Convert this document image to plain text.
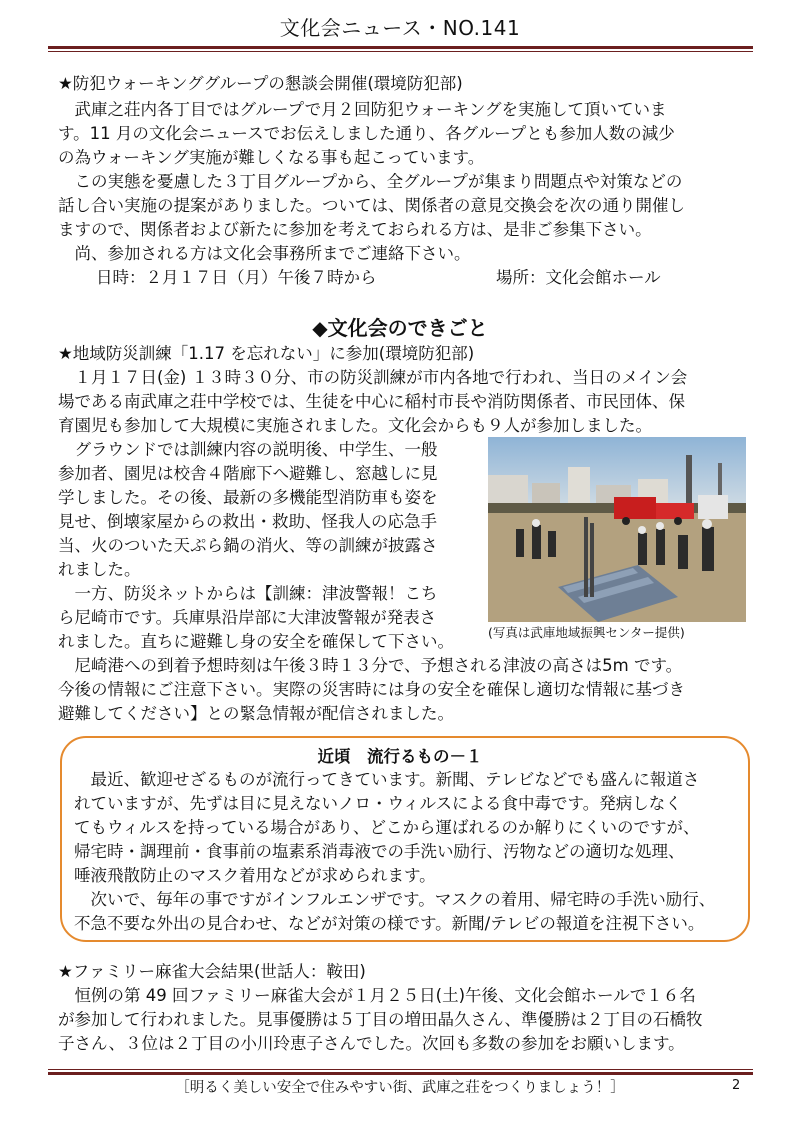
文化会ニュース・NO.141
★防犯ウォーキンググループの懇談会開催(環境防犯部)
　武庫之荘内各丁目ではグループで月２回防犯ウォーキングを実施して頂いていま
す。11 月の文化会ニュースでお伝えしました通り、各グループとも参加人数の減少
の為ウォーキング実施が難しくなる事も起こっています。
　この実態を憂慮した３丁目グループから、全グループが集まり問題点や対策などの
話し合い実施の提案がありました。ついては、関係者の意見交換会を次の通り開催し
ますので、関係者および新たに参加を考えておられる方は、是非ご参集下さい。
　尚、参加される方は文化会事務所までご連絡下さい。
日時：２月１７日（月）午後７時から	場所：文化会館ホール
◆文化会のできごと
★地域防災訓練「1.17 を忘れない」に参加(環境防犯部)
　１月１７日(金) １３時３０分、市の防災訓練が市内各地で行われ、当日のメイン会
場である南武庫之荘中学校では、生徒を中心に稲村市長や消防関係者、市民団体、保
育園児も参加して大規模に実施されました。文化会からも９人が参加しました。
　グラウンドでは訓練内容の説明後、中学生、一般
参加者、園児は校舎４階廊下へ避難し、窓越しに見
学しました。その後、最新の多機能型消防車も姿を
見せ、倒壊家屋からの救出・救助、怪我人の応急手
当、火のついた天ぷら鍋の消火、等の訓練が披露さ
れました。
　一方、防災ネットからは【訓練：津波警報！こち
ら尼崎市です。兵庫県沿岸部に大津波警報が発表さ
れました。直ちに避難し身の安全を確保して下さい。	(写真は武庫地域振興センター提供)
　尼崎港への到着予想時刻は午後３時１３分で、予想される津波の高さは5m です。
今後の情報にご注意下さい。実際の災害時には身の安全を確保し適切な情報に基づき
避難してください】との緊急情報が配信されました。
近頃　流行るもの－１
　最近、歓迎せざるものが流行ってきています。新聞、テレビなどでも盛んに報道さ
れていますが、先ずは目に見えないノロ・ウィルスによる食中毒です。発病しなく
てもウィルスを持っている場合があり、どこから運ばれるのか解りにくいのですが、
帰宅時・調理前・食事前の塩素系消毒液での手洗い励行、汚物などの適切な処理、
唾液飛散防止のマスク着用などが求められます。
　次いで、毎年の事ですがインフルエンザです。マスクの着用、帰宅時の手洗い励行、
不急不要な外出の見合わせ、などが対策の様です。新聞/テレビの報道を注視下さい。
★ファミリー麻雀大会結果(世話人：鞍田)
　恒例の第 49 回ファミリー麻雀大会が１月２５日(土)午後、文化会館ホールで１６名
が参加して行われました。見事優勝は５丁目の増田晶久さん、準優勝は２丁目の石橋牧
子さん、３位は２丁目の小川玲恵子さんでした。次回も多数の参加をお願いします。
［明るく美しい安全で住みやすい街、武庫之荘をつくりましょう！］	2
